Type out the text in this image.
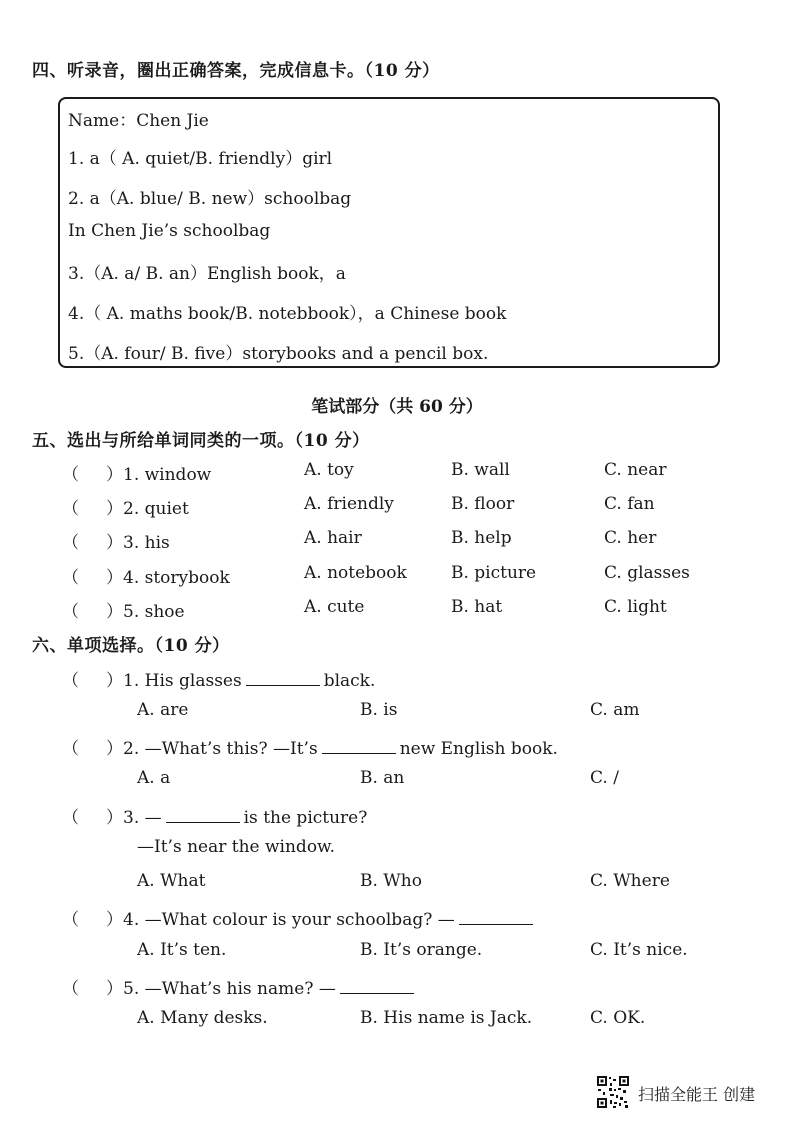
四、听录音，圈出正确答案，完成信息卡。（10 分）
Name：Chen Jie
1. a（ A. quiet/B. friendly）girl
2. a（A. blue/ B. new）schoolbag
In Chen Jie’s schoolbag
3.（A. a/ B. an）English book，a
4.（ A. maths book/B. notebbook），a Chinese book
5.（A. four/ B. five）storybooks and a pencil box.
笔试部分（共 60 分）
五、选出与所给单词同类的一项。（10 分）
（ ）1. window	A. toy	B. wall	C. near
（ ）2. quiet	A. friendly	B. floor	C. fan
（ ）3. his	A. hair	B. help	C. her
（ ）4. storybook	A. notebook	B. picture	C. glasses
（ ）5. shoe	A. cute	B. hat	C. light
六、单项选择。（10 分）
（ ）1. His glasses	black.
A. are	B. is	C. am
（ ）2. —What’s this? —It’s	new English book.
A. a	B. an	C. /
（ ）3. —	is the picture?
—It’s near the window.
A. What	B. Who	C. Where
（ ）4. —What colour is your schoolbag? —
A. It’s ten.	B. It’s orange.	C. It’s nice.
（ ）5. —What’s his name? —
A. Many desks.	B. His name is Jack.	C. OK.
扫描全能王 创建
